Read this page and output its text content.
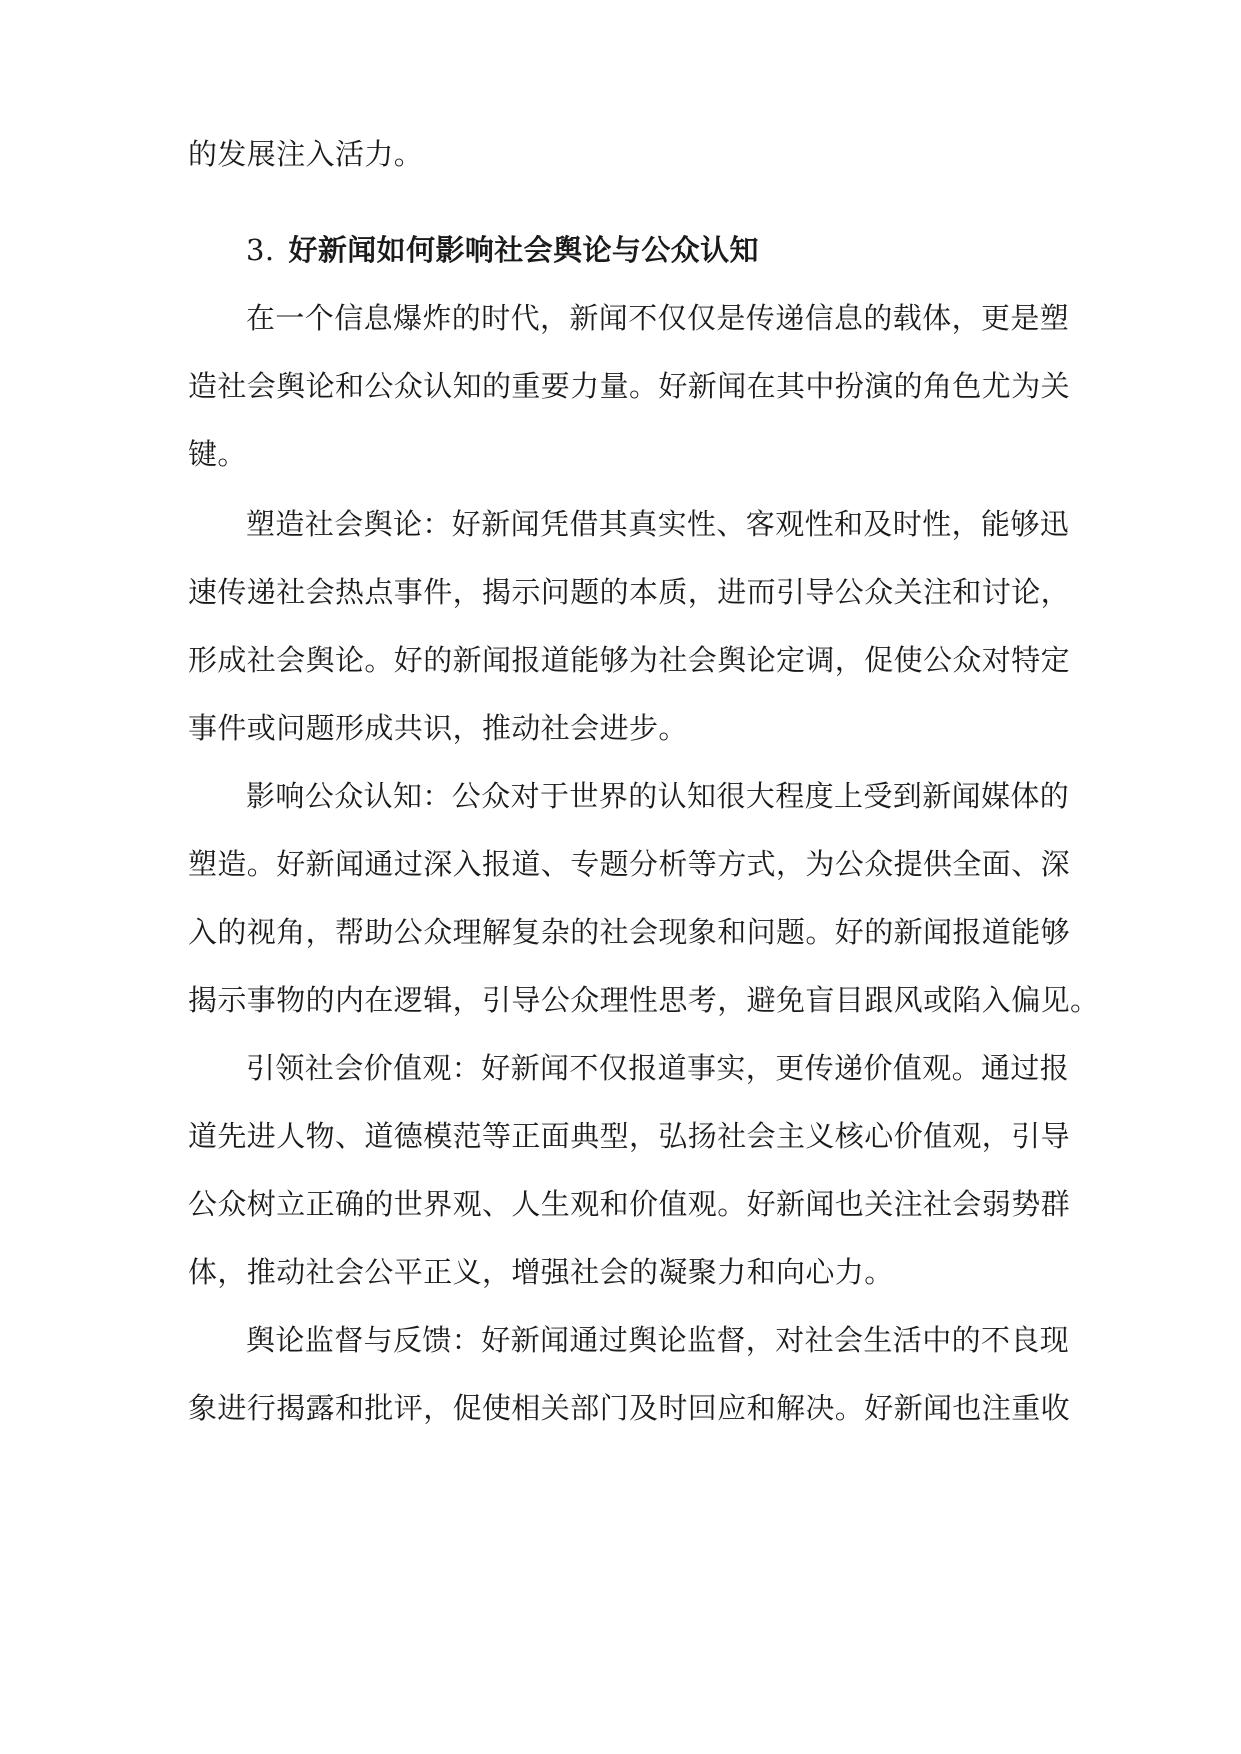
的发展注入活力。
3. 好新闻如何影响社会舆论与公众认知
在一个信息爆炸的时代，新闻不仅仅是传递信息的载体，更是塑
造社会舆论和公众认知的重要力量。好新闻在其中扮演的角色尤为关
键。
塑造社会舆论：好新闻凭借其真实性、客观性和及时性，能够迅
速传递社会热点事件，揭示问题的本质，进而引导公众关注和讨论，
形成社会舆论。好的新闻报道能够为社会舆论定调，促使公众对特定
事件或问题形成共识，推动社会进步。
影响公众认知：公众对于世界的认知很大程度上受到新闻媒体的
塑造。好新闻通过深入报道、专题分析等方式，为公众提供全面、深
入的视角，帮助公众理解复杂的社会现象和问题。好的新闻报道能够
揭示事物的内在逻辑，引导公众理性思考，避免盲目跟风或陷入偏见。
引领社会价值观：好新闻不仅报道事实，更传递价值观。通过报
道先进人物、道德模范等正面典型，弘扬社会主义核心价值观，引导
公众树立正确的世界观、人生观和价值观。好新闻也关注社会弱势群
体，推动社会公平正义，增强社会的凝聚力和向心力。
舆论监督与反馈：好新闻通过舆论监督，对社会生活中的不良现
象进行揭露和批评，促使相关部门及时回应和解决。好新闻也注重收
